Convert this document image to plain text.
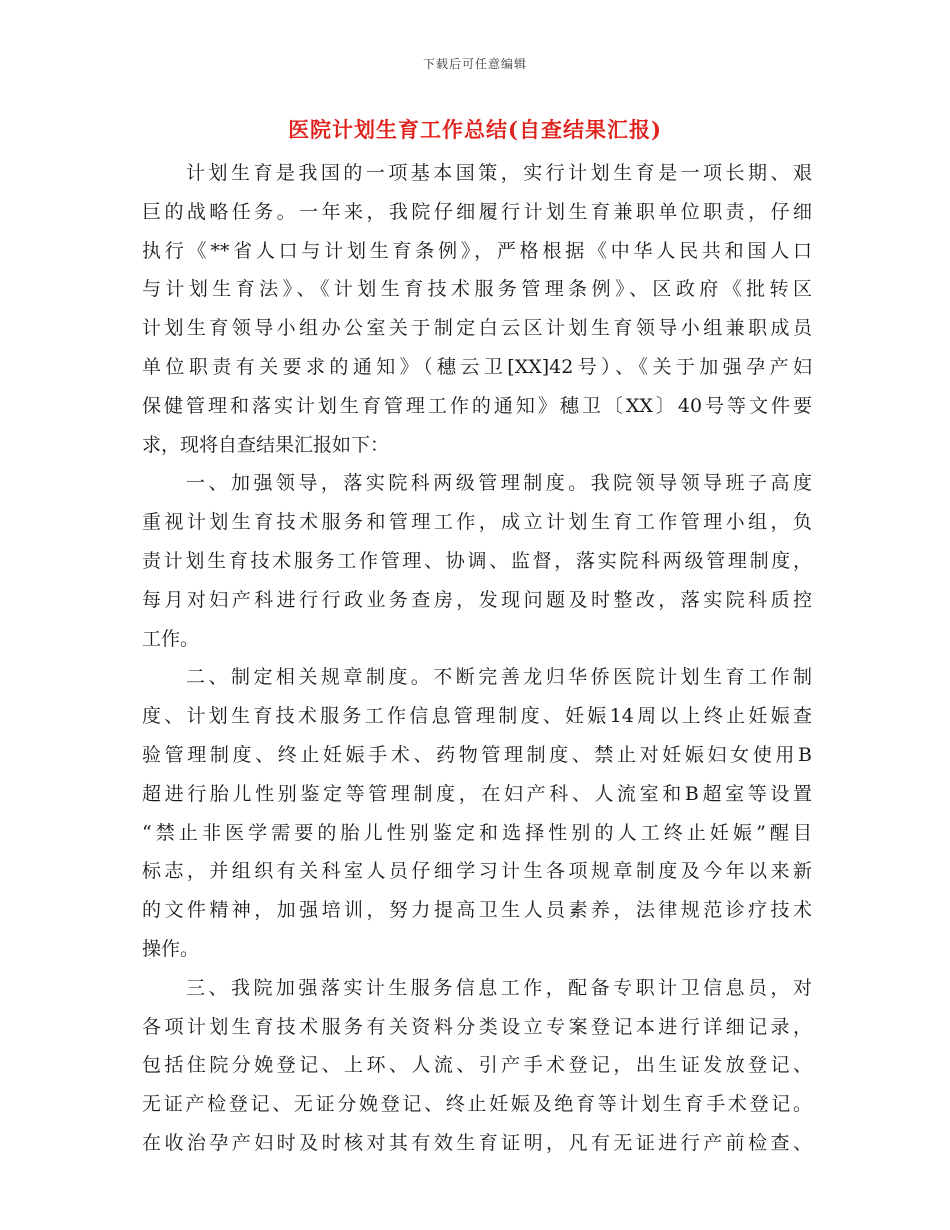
下载后可任意编辑
医院计划生育工作总结(自查结果汇报)
计划生育是我国的一项基本国策，实行计划生育是一项长期、艰
巨的战略任务。一年来，我院仔细履行计划生育兼职单位职责，仔细
执行《**省人口与计划生育条例》，严格根据《中华人民共和国人口
与计划生育法》、《计划生育技术服务管理条例》、区政府《批转区
计划生育领导小组办公室关于制定白云区计划生育领导小组兼职成员
单位职责有关要求的通知》（穗云卫[XX]42号）、《关于加强孕产妇
保健管理和落实计划生育管理工作的通知》穗卫〔XX〕40号等文件要
求，现将自查结果汇报如下：
一、加强领导，落实院科两级管理制度。我院领导领导班子高度
重视计划生育技术服务和管理工作，成立计划生育工作管理小组，负
责计划生育技术服务工作管理、协调、监督，落实院科两级管理制度，
每月对妇产科进行行政业务查房，发现问题及时整改，落实院科质控
工作。
二、制定相关规章制度。不断完善龙归华侨医院计划生育工作制
度、计划生育技术服务工作信息管理制度、妊娠14周以上终止妊娠查
验管理制度、终止妊娠手术、药物管理制度、禁止对妊娠妇女使用B
超进行胎儿性别鉴定等管理制度，在妇产科、人流室和B超室等设置
“禁止非医学需要的胎儿性别鉴定和选择性别的人工终止妊娠”醒目
标志，并组织有关科室人员仔细学习计生各项规章制度及今年以来新
的文件精神，加强培训，努力提高卫生人员素养，法律规范诊疗技术
操作。
三、我院加强落实计生服务信息工作，配备专职计卫信息员，对
各项计划生育技术服务有关资料分类设立专案登记本进行详细记录，
包括住院分娩登记、上环、人流、引产手术登记，出生证发放登记、
无证产检登记、无证分娩登记、终止妊娠及绝育等计划生育手术登记。
在收治孕产妇时及时核对其有效生育证明，凡有无证进行产前检查、
